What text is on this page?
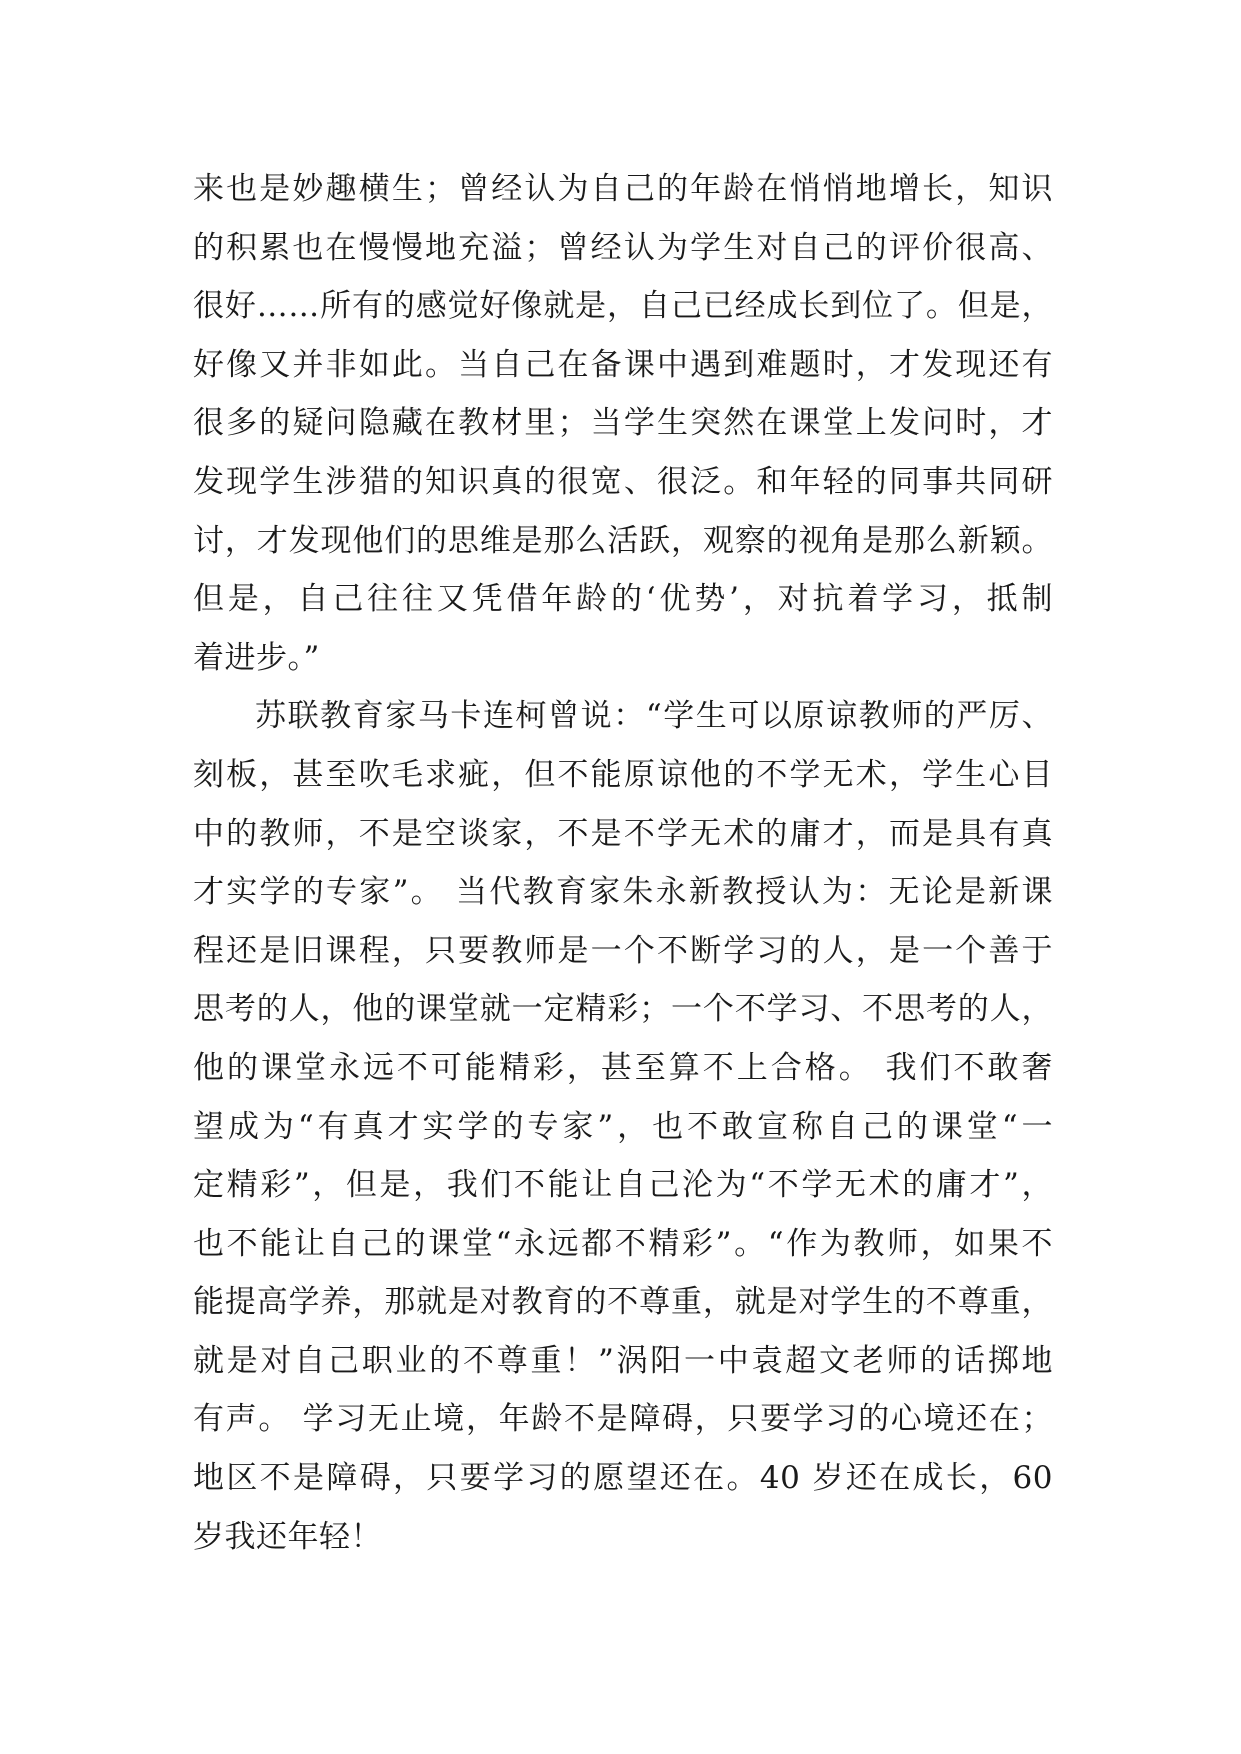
来也是妙趣横生；曾经认为自己的年龄在悄悄地增长，知识
的积累也在慢慢地充溢；曾经认为学生对自己的评价很高、
很好……所有的感觉好像就是，自己已经成长到位了。但是，
好像又并非如此。当自己在备课中遇到难题时，才发现还有
很多的疑问隐藏在教材里；当学生突然在课堂上发问时，才
发现学生涉猎的知识真的很宽、很泛。和年轻的同事共同研
讨，才发现他们的思维是那么活跃，观察的视角是那么新颖。
但是，自己往往又凭借年龄的‘优势’，对抗着学习，抵制
着进步。”
苏联教育家马卡连柯曾说：“学生可以原谅教师的严厉、
刻板，甚至吹毛求疵，但不能原谅他的不学无术，学生心目
中的教师，不是空谈家，不是不学无术的庸才，而是具有真
才实学的专家”。 当代教育家朱永新教授认为：无论是新课
程还是旧课程，只要教师是一个不断学习的人，是一个善于
思考的人，他的课堂就一定精彩；一个不学习、不思考的人，
他的课堂永远不可能精彩，甚至算不上合格。 我们不敢奢
望成为“有真才实学的专家”，也不敢宣称自己的课堂“一
定精彩”，但是，我们不能让自己沦为“不学无术的庸才”，
也不能让自己的课堂“永远都不精彩”。“作为教师，如果不
能提高学养，那就是对教育的不尊重，就是对学生的不尊重，
就是对自己职业的不尊重！”涡阳一中袁超文老师的话掷地
有声。 学习无止境，年龄不是障碍，只要学习的心境还在；
地区不是障碍，只要学习的愿望还在。40 岁还在成长，60
岁我还年轻！
